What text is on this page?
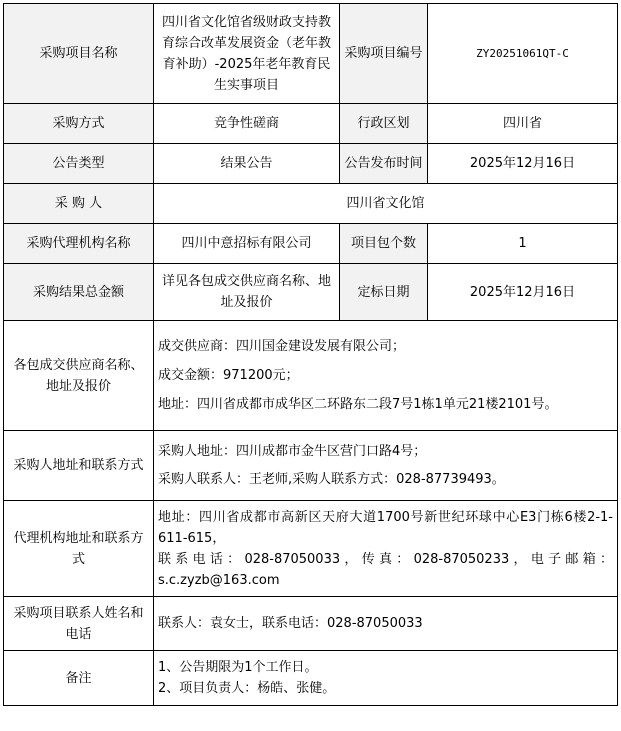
采购项目名称	四川省文化馆省级财政支持教育综合改革发展资金（老年教育补助）-2025年老年教育民生实事项目	采购项目编号	ZY20251061QT-C
采购方式	竞争性磋商	行政区划	四川省
公告类型	结果公告	公告发布时间	2025年12月16日
采 购 人	四川省文化馆		
采购代理机构名称	四川中意招标有限公司	项目包个数	1
采购结果总金额	详见各包成交供应商名称、地址及报价	定标日期	2025年12月16日
各包成交供应商名称、地址及报价	成交供应商：四川国金建设发展有限公司；
成交金额：971200元；
地址：四川省成都市成华区二环路东二段7号1栋1单元21楼2101号。		

采购人地址和联系方式	采购人地址：四川成都市金牛区营门口路4号；
采购人联系人：王老师,采购人联系方式：028-87739493。		

代理机构地址和联系方式	地址：四川省成都市高新区天府大道1700号新世纪环球中心E3门栋6楼2-1-611-615，
联系电话：028-87050033，传真：028-87050233，电子邮箱：s.c.zyzb@163.com		

采购项目联系人姓名和电话	联系人：袁女士，联系电话：028-87050033		
备注	1、公告期限为1个工作日。
2、项目负责人：杨皓、张健。		
